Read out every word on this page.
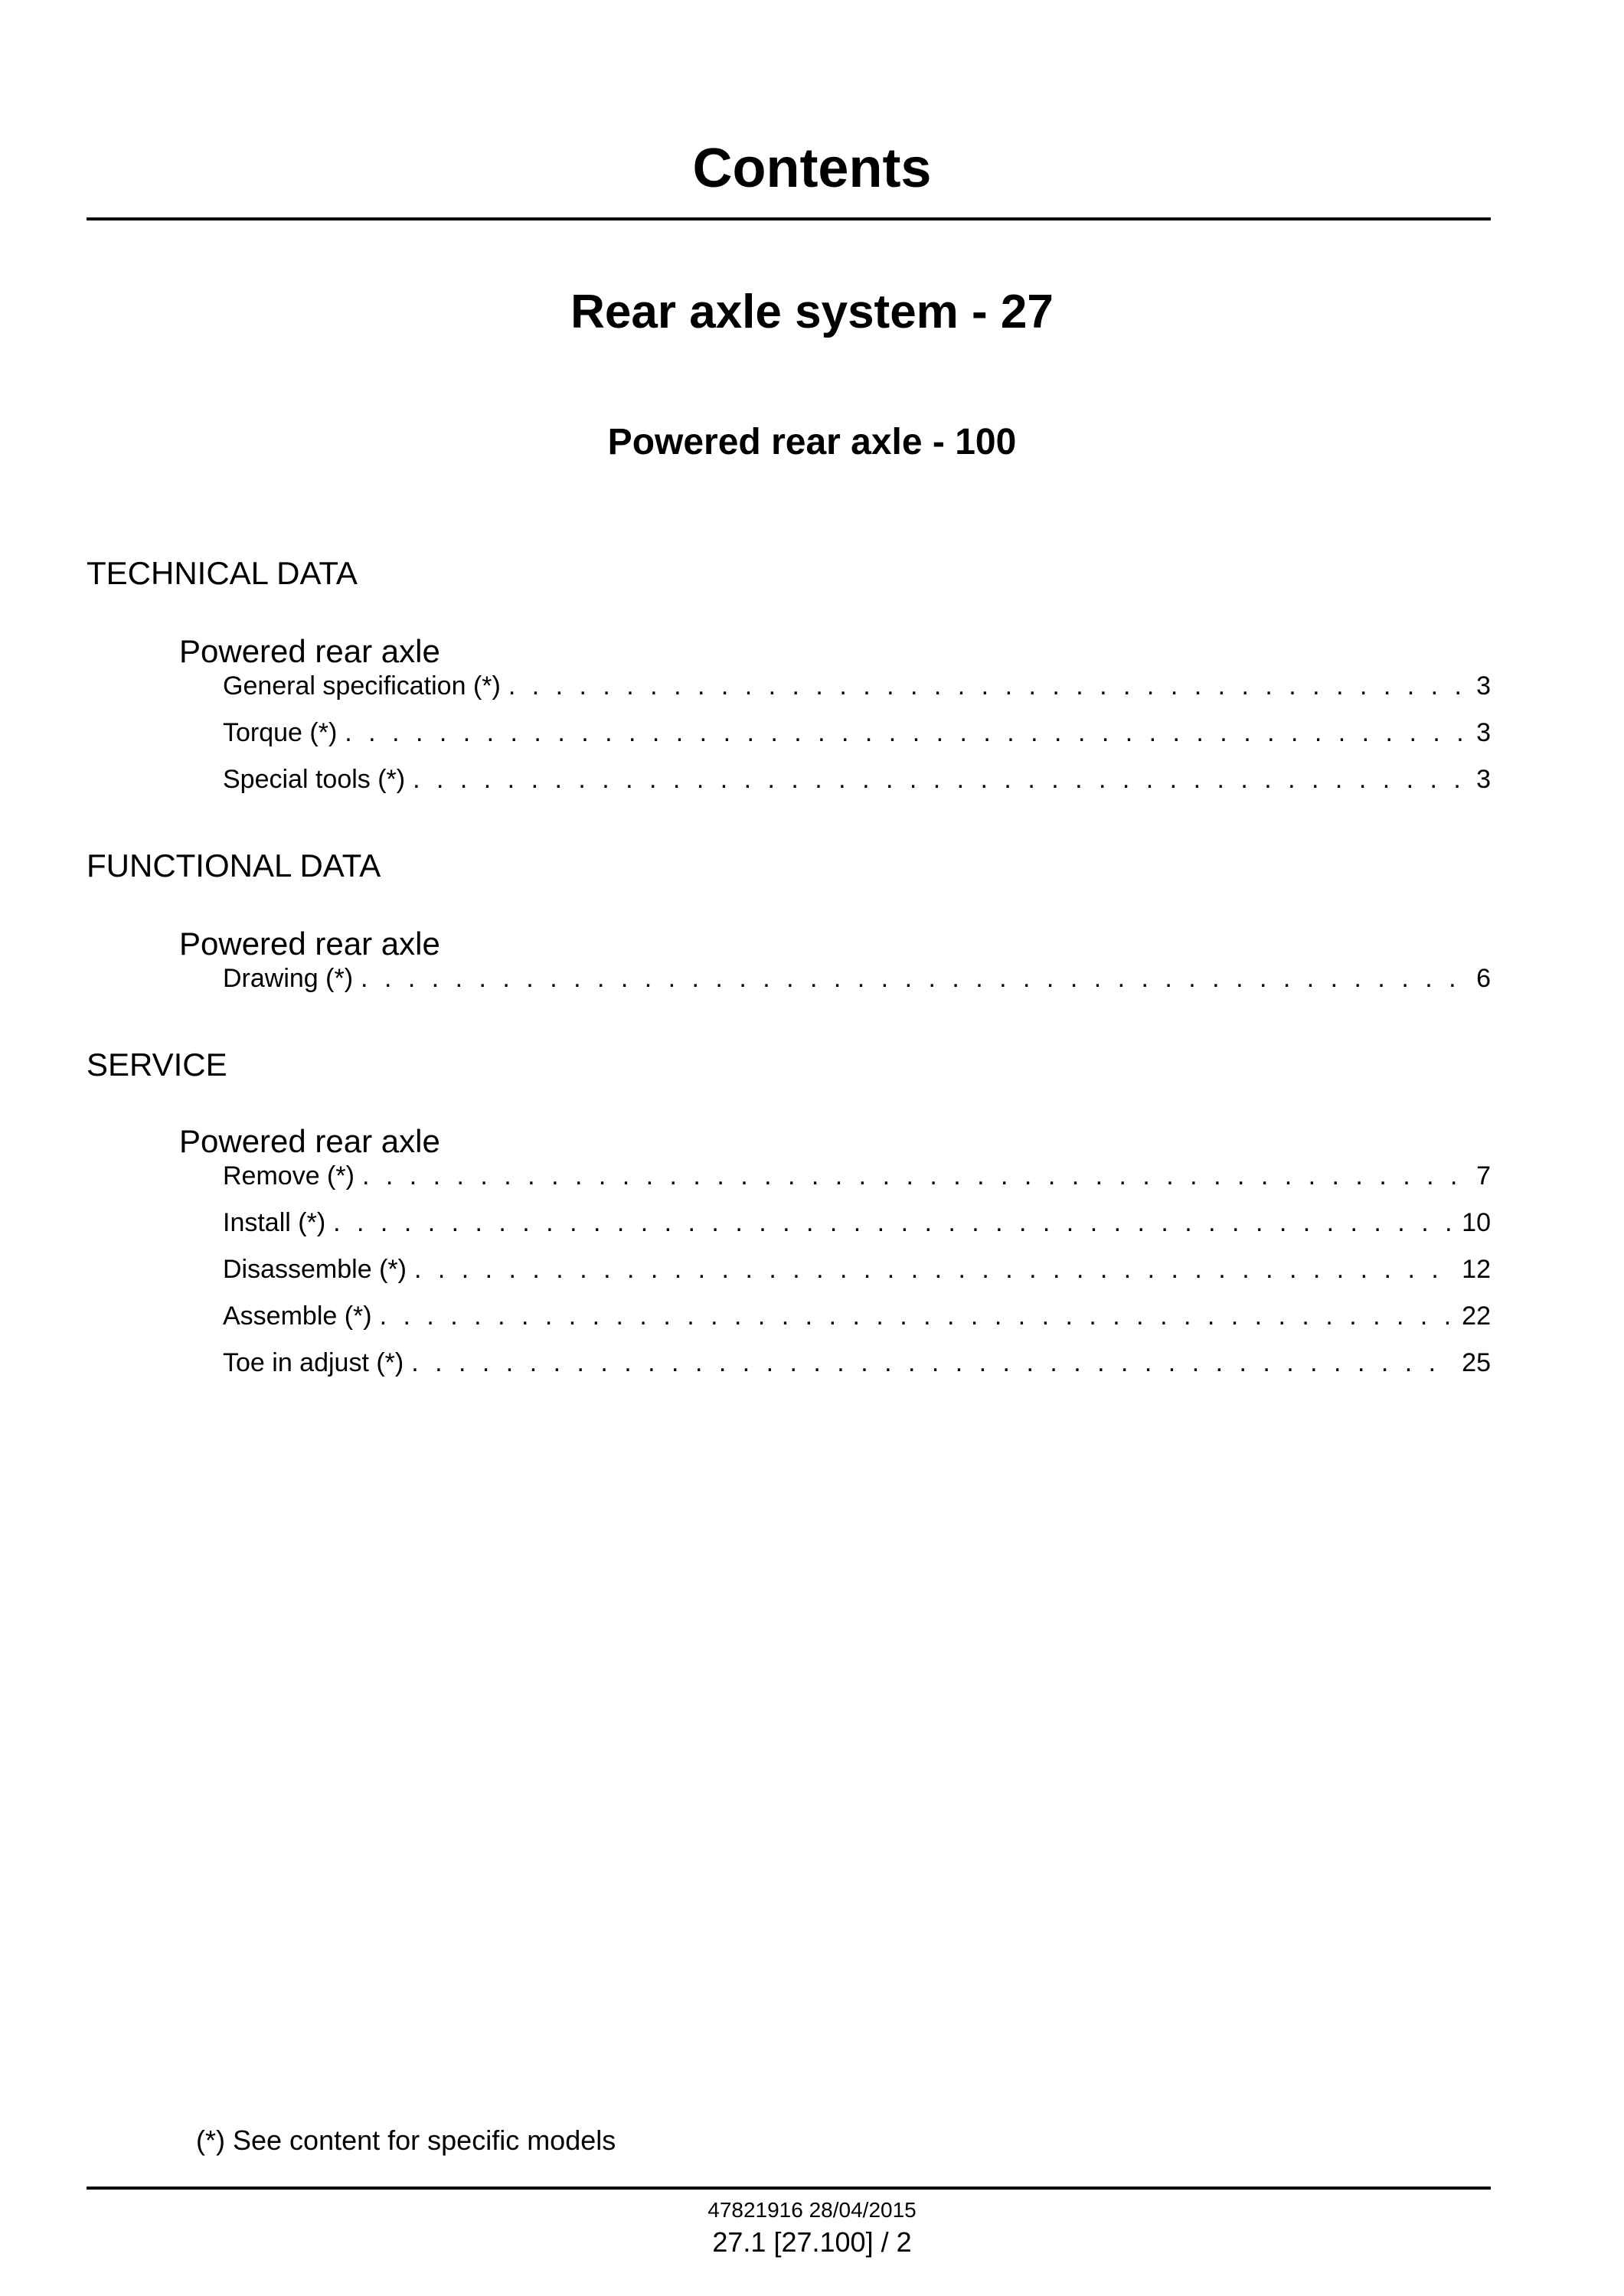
Contents
Rear axle system - 27
Powered rear axle - 100
TECHNICAL DATA
Powered rear axle
General specification (*) . . .	3
Torque (*) . . .	3
Special tools (*) . . .	3
FUNCTIONAL DATA
Powered rear axle
Drawing (*) . . .	6
SERVICE
Powered rear axle
Remove (*) . . .	7
Install (*) . . .	10
Disassemble (*) . . .	12
Assemble (*) . . .	22
Toe in adjust (*) . . .	25
(*) See content for specific models
47821916 28/04/2015
27.1 [27.100] / 2
